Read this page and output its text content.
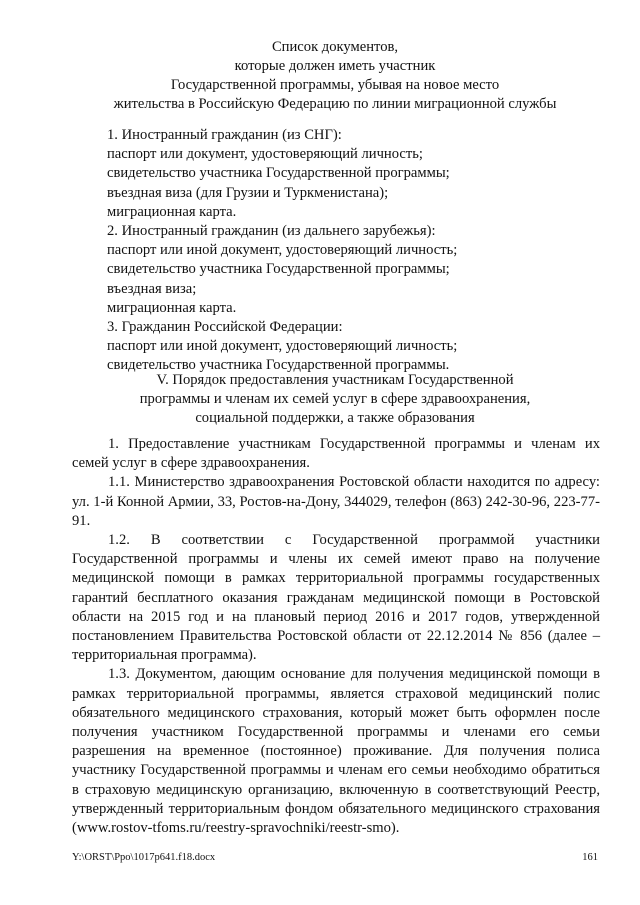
Список документов,
которые должен иметь участник
Государственной программы, убывая на новое место
жительства в Российскую Федерацию по линии миграционной службы
1. Иностранный гражданин (из СНГ):
паспорт или документ, удостоверяющий личность;
свидетельство участника Государственной программы;
въездная виза (для Грузии и Туркменистана);
миграционная карта.
2. Иностранный гражданин (из дальнего зарубежья):
паспорт или иной документ, удостоверяющий личность;
свидетельство участника Государственной программы;
въездная виза;
миграционная карта.
3. Гражданин Российской Федерации:
паспорт или иной документ, удостоверяющий личность;
свидетельство участника Государственной программы.
V. Порядок предоставления участникам Государственной
программы и членам их семей услуг в сфере здравоохранения,
социальной поддержки, а также образования

1. Предоставление участникам Государственной программы и членам их семей услуг в сфере здравоохранения.

1.1. Министерство здравоохранения Ростовской области находится по адресу: ул. 1-й Конной Армии, 33, Ростов-на-Дону, 344029, телефон (863) 242-30-96, 223-77-91.

1.2. В соответствии с Государственной программой участники Государственной программы и члены их семей имеют право на получение медицинской помощи в рамках территориальной программы государственных гарантий бесплатного оказания гражданам медицинской помощи в Ростовской области на 2015 год и на плановый период 2016 и 2017 годов, утвержденной постановлением Правительства Ростовской области от 22.12.2014 № 856 (далее – территориальная программа).

1.3. Документом, дающим основание для получения медицинской помощи в рамках территориальной программы, является страховой медицинский полис обязательного медицинского страхования, который может быть оформлен после получения участником Государственной программы и членами его семьи разрешения на временное (постоянное) проживание. Для получения полиса участнику Государственной программы и членам его семьи необходимо обратиться в страховую медицинскую организацию, включенную в соответствующий Реестр, утвержденный территориальным фондом обязательного медицинского страхования (www.rostov-tfoms.ru/reestry-spravochniki/reestr-smo).

Y:\ORST\Ppo\1017p641.f18.docx	161
